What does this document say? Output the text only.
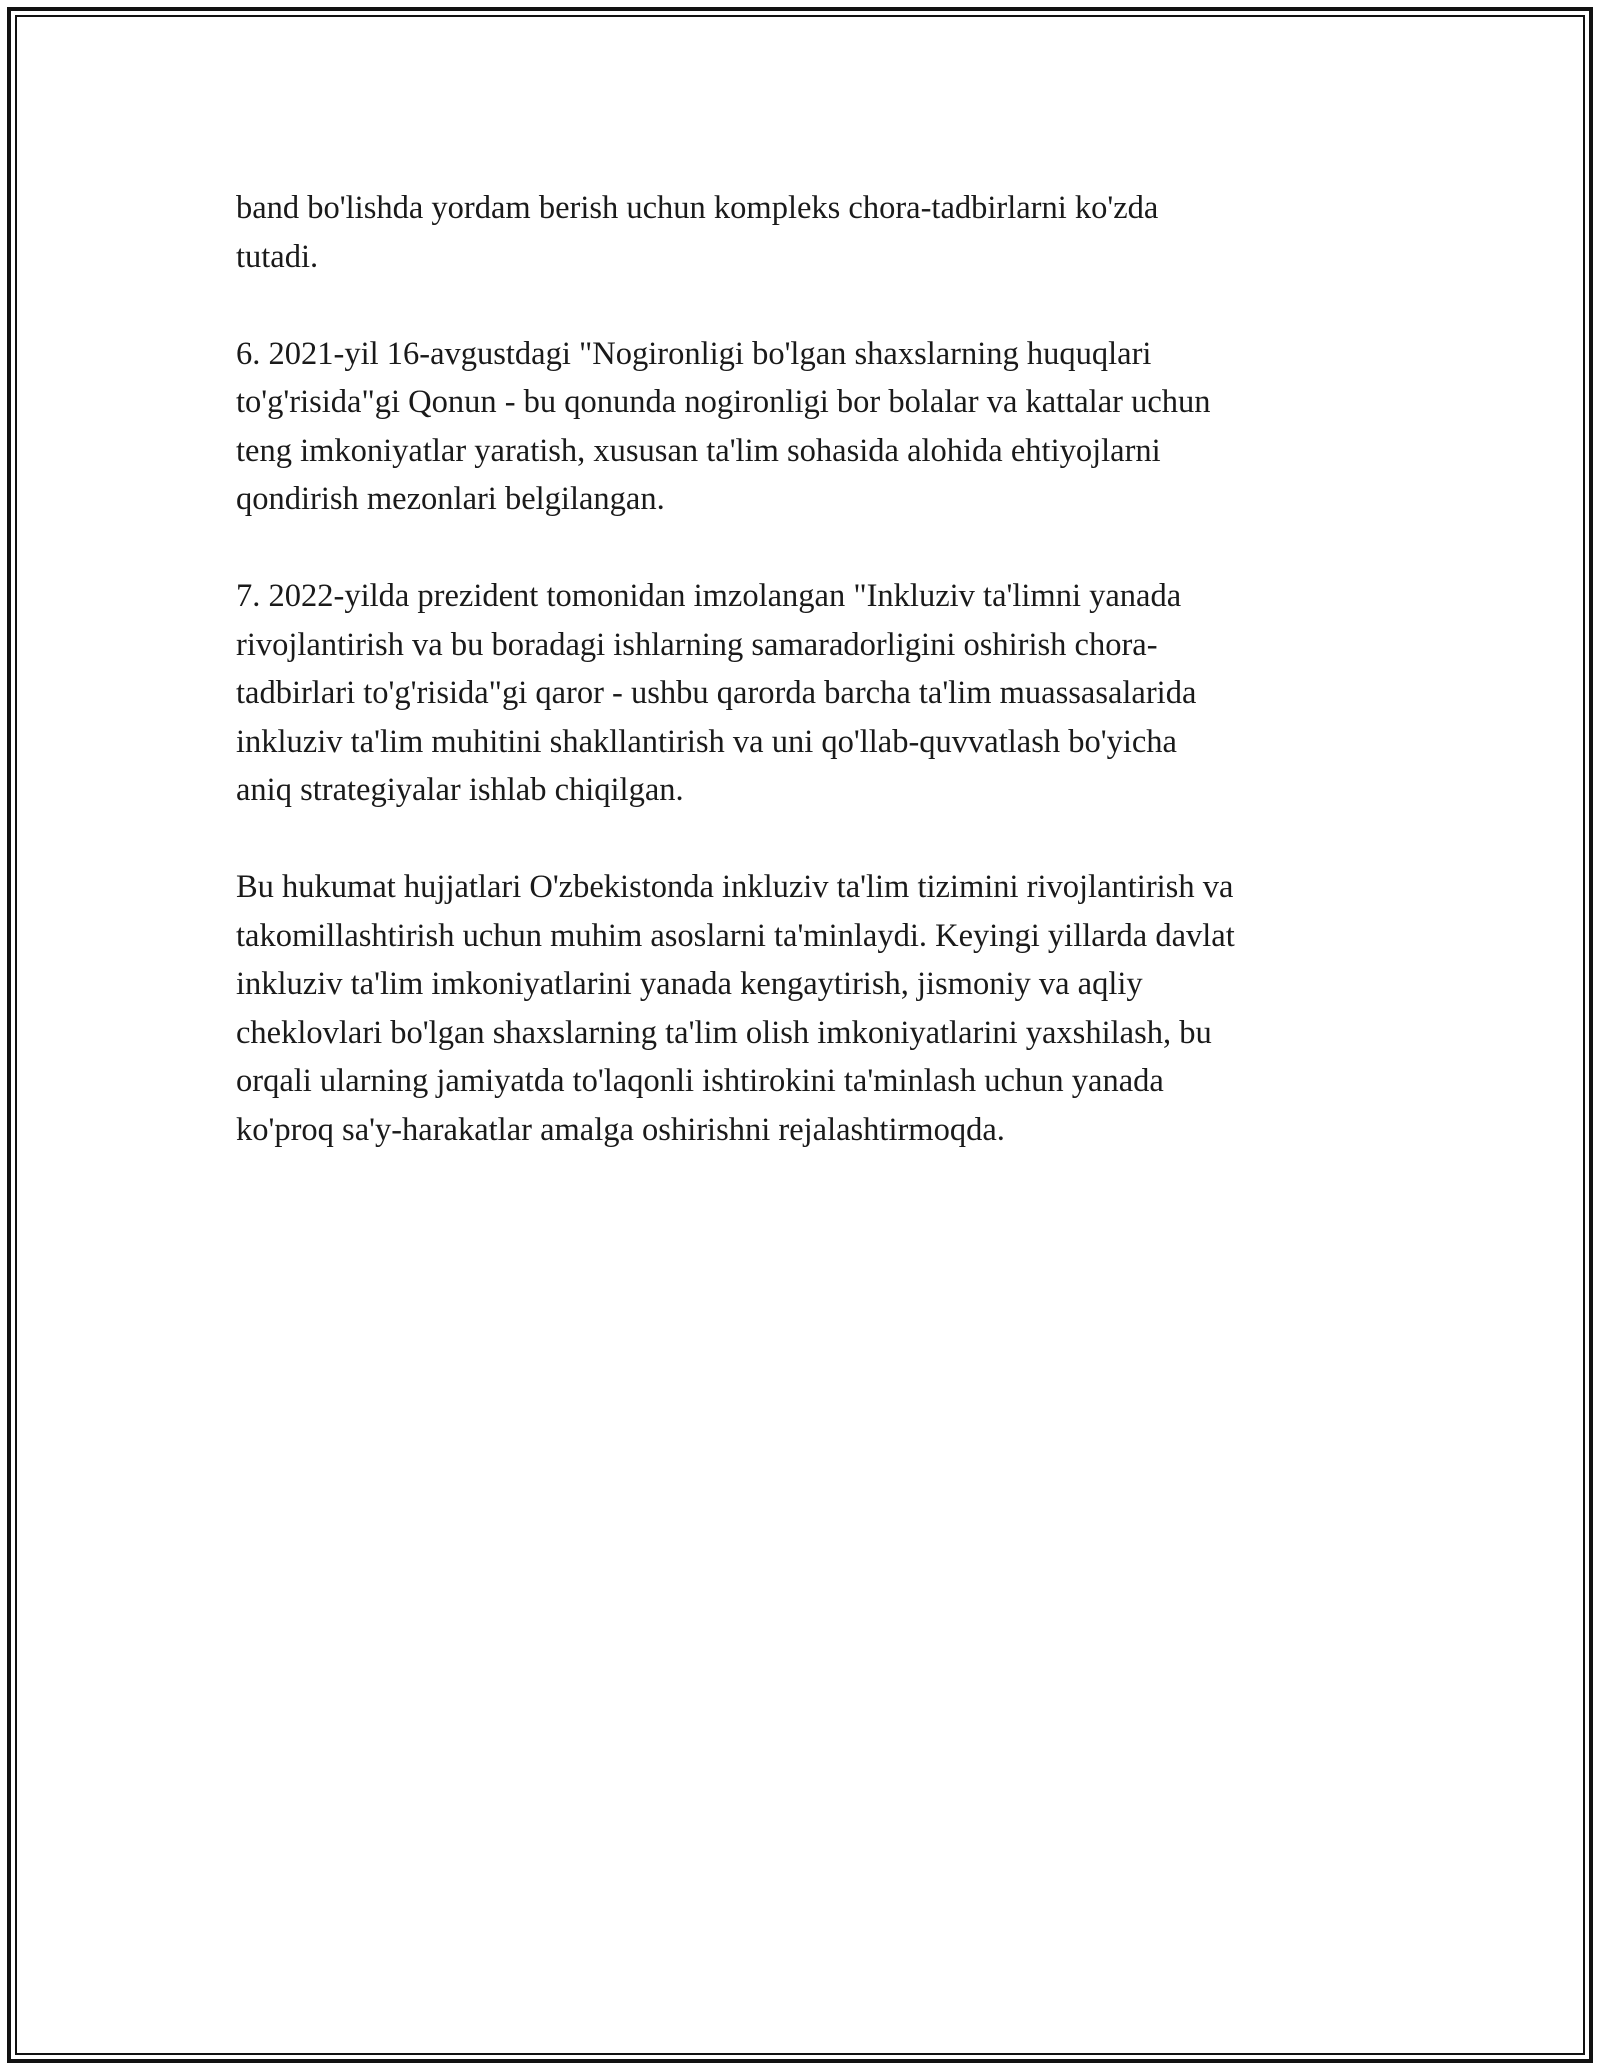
band bo'lishda yordam berish uchun kompleks chora-tadbirlarni ko'zda
tutadi.

6. 2021-yil 16-avgustdagi "Nogironligi bo'lgan shaxslarning huquqlari
to'g'risida"gi Qonun - bu qonunda nogironligi bor bolalar va kattalar uchun
teng imkoniyatlar yaratish, xususan ta'lim sohasida alohida ehtiyojlarni
qondirish mezonlari belgilangan.

7. 2022-yilda prezident tomonidan imzolangan "Inkluziv ta'limni yanada
rivojlantirish va bu boradagi ishlarning samaradorligini oshirish chora-
tadbirlari to'g'risida"gi qaror - ushbu qarorda barcha ta'lim muassasalarida
inkluziv ta'lim muhitini shakllantirish va uni qo'llab-quvvatlash bo'yicha
aniq strategiyalar ishlab chiqilgan.

Bu hukumat hujjatlari O'zbekistonda inkluziv ta'lim tizimini rivojlantirish va
takomillashtirish uchun muhim asoslarni ta'minlaydi. Keyingi yillarda davlat
inkluziv ta'lim imkoniyatlarini yanada kengaytirish, jismoniy va aqliy
cheklovlari bo'lgan shaxslarning ta'lim olish imkoniyatlarini yaxshilash, bu
orqali ularning jamiyatda to'laqonli ishtirokini ta'minlash uchun yanada
ko'proq sa'y-harakatlar amalga oshirishni rejalashtirmoqda.
